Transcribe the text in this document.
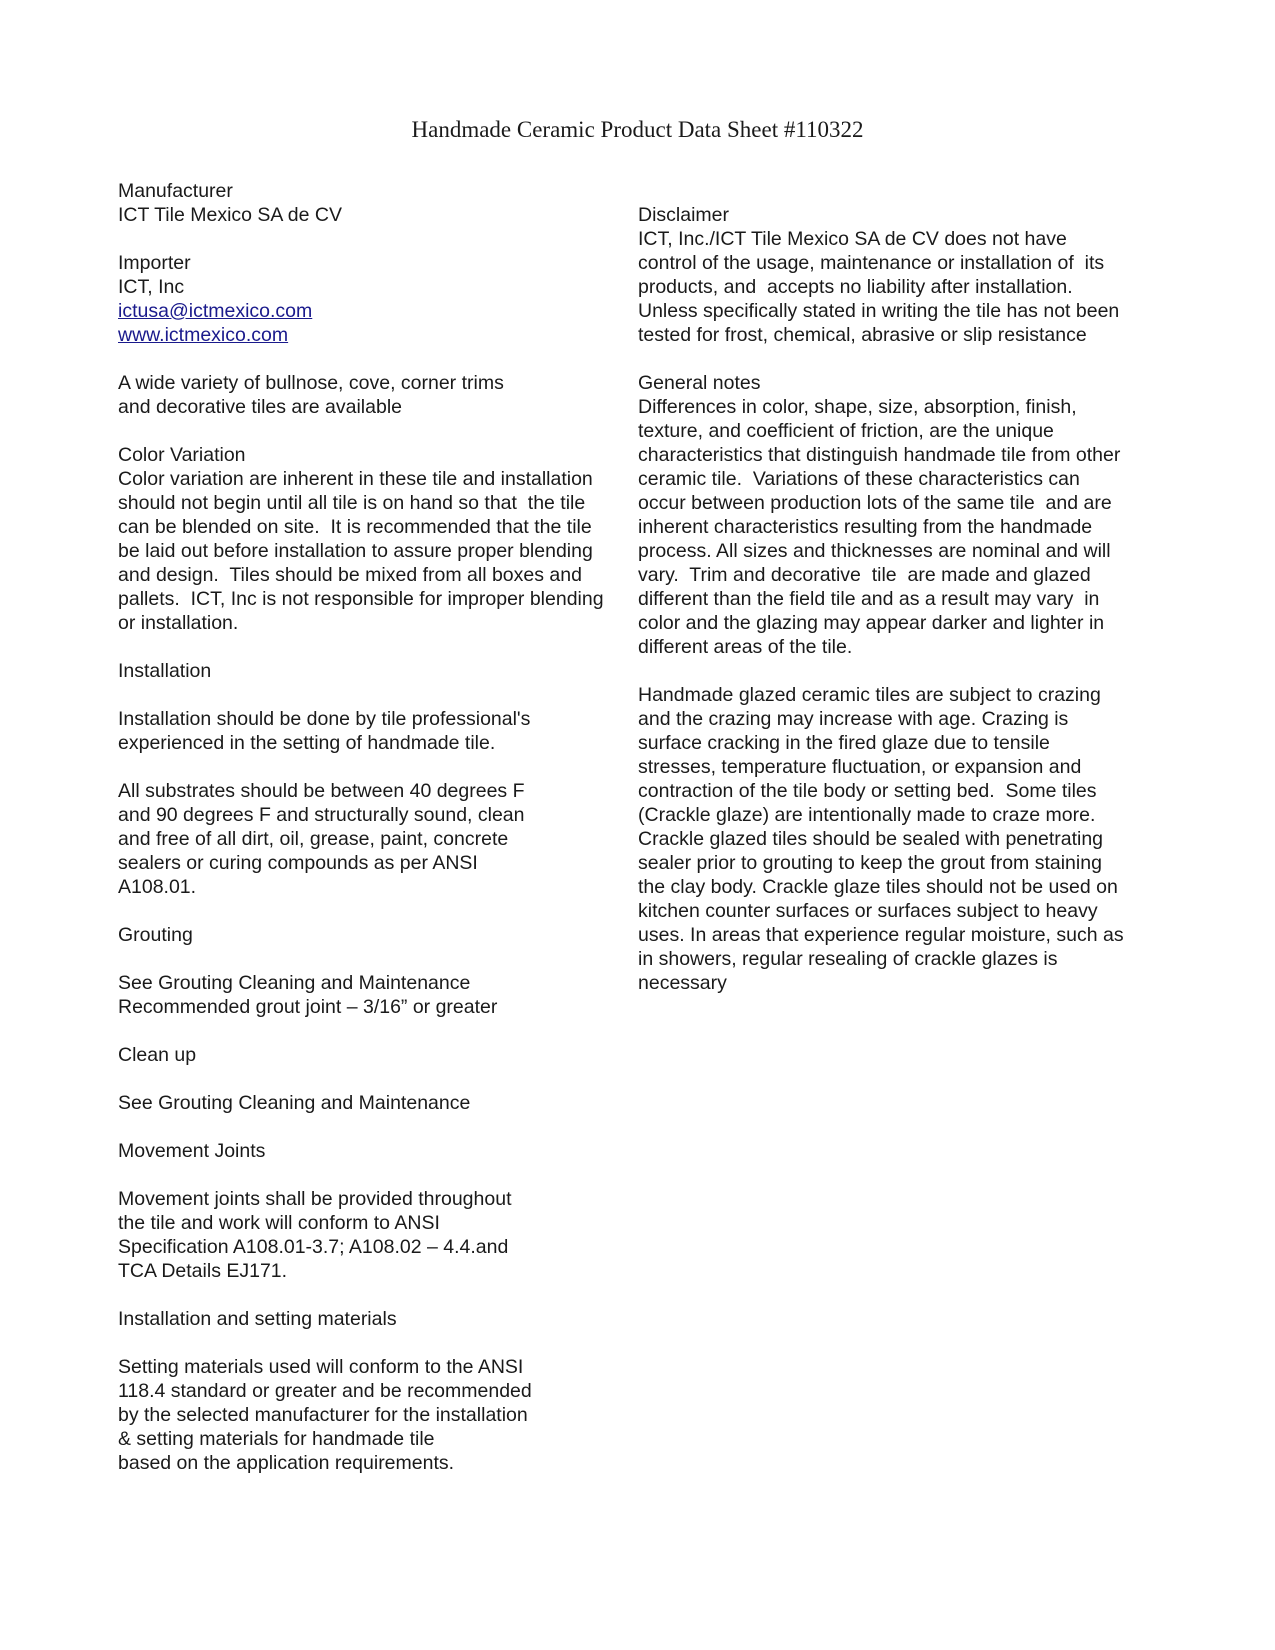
Handmade Ceramic Product Data Sheet #110322
Manufacturer
ICT Tile Mexico SA de CV
Importer
ICT, Inc
ictusa@ictmexico.com
www.ictmexico.com
A wide variety of bullnose, cove, corner trims
and decorative tiles are available
Color Variation
Color variation are inherent in these tile and installation
should not begin until all tile is on hand so that  the tile
can be blended on site.  It is recommended that the tile
be laid out before installation to assure proper blending
and design.  Tiles should be mixed from all boxes and
pallets.  ICT, Inc is not responsible for improper blending
or installation.
Installation
Installation should be done by tile professional's
experienced in the setting of handmade tile.
All substrates should be between 40 degrees F
and 90 degrees F and structurally sound, clean
and free of all dirt, oil, grease, paint, concrete
sealers or curing compounds as per ANSI
A108.01.
Grouting
See Grouting Cleaning and Maintenance
Recommended grout joint – 3/16” or greater
Clean up
See Grouting Cleaning and Maintenance
Movement Joints
Movement joints shall be provided throughout
the tile and work will conform to ANSI
Specification A108.01-3.7; A108.02 – 4.4.and
TCA Details EJ171.
Installation and setting materials
Setting materials used will conform to the ANSI
118.4 standard or greater and be recommended
by the selected manufacturer for the installation
& setting materials for handmade tile
based on the application requirements.
Disclaimer
ICT, Inc./ICT Tile Mexico SA de CV does not have
control of the usage, maintenance or installation of  its
products, and  accepts no liability after installation.
Unless specifically stated in writing the tile has not been
tested for frost, chemical, abrasive or slip resistance
General notes
Differences in color, shape, size, absorption, finish,
texture, and coefficient of friction, are the unique
characteristics that distinguish handmade tile from other
ceramic tile.  Variations of these characteristics can
occur between production lots of the same tile  and are
inherent characteristics resulting from the handmade
process. All sizes and thicknesses are nominal and will
vary.  Trim and decorative  tile  are made and glazed
different than the field tile and as a result may vary  in
color and the glazing may appear darker and lighter in
different areas of the tile.
Handmade glazed ceramic tiles are subject to crazing
and the crazing may increase with age. Crazing is
surface cracking in the fired glaze due to tensile
stresses, temperature fluctuation, or expansion and
contraction of the tile body or setting bed.  Some tiles
(Crackle glaze) are intentionally made to craze more.
Crackle glazed tiles should be sealed with penetrating
sealer prior to grouting to keep the grout from staining
the clay body. Crackle glaze tiles should not be used on
kitchen counter surfaces or surfaces subject to heavy
uses. In areas that experience regular moisture, such as
in showers, regular resealing of crackle glazes is
necessary
